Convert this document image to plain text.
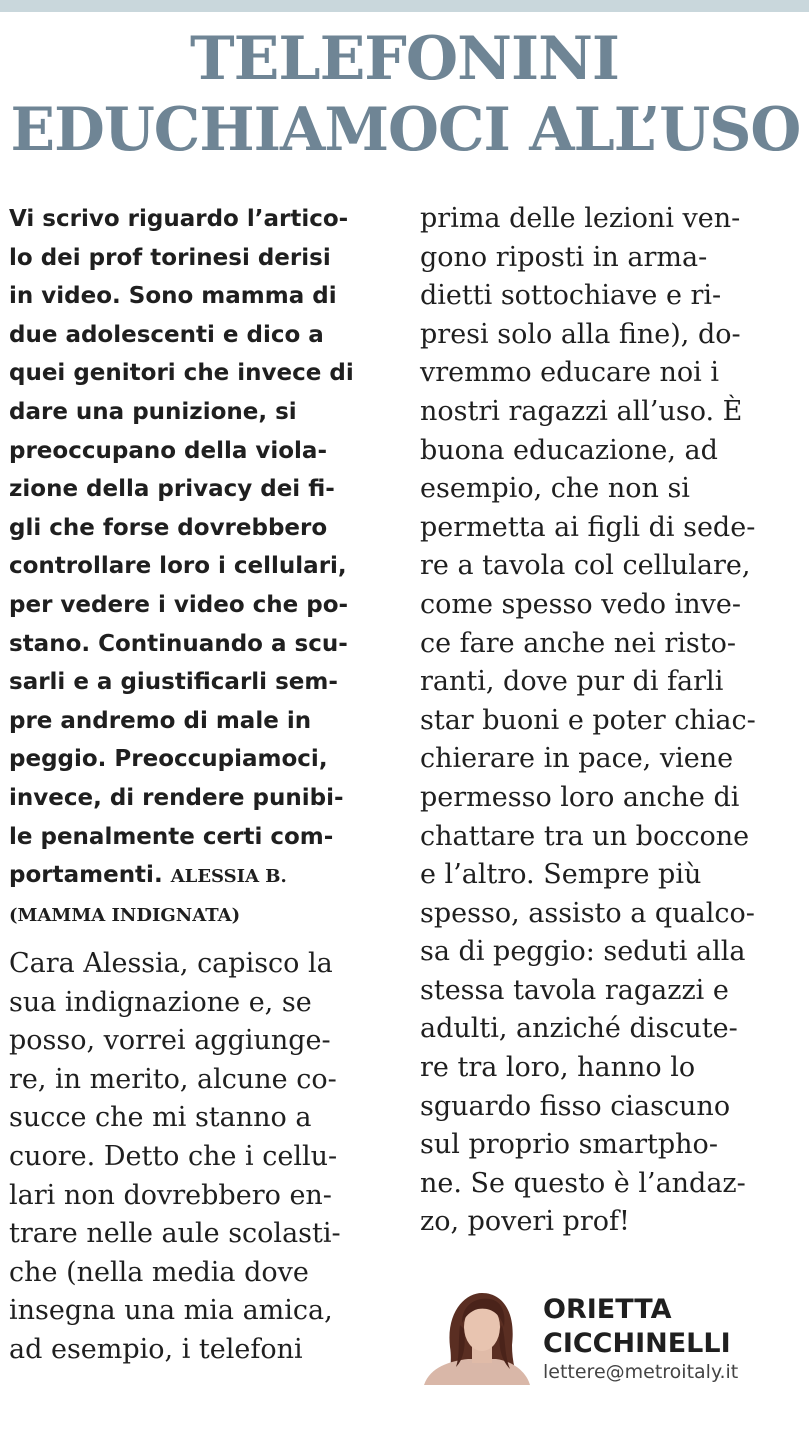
TELEFONINI
EDUCHIAMOCI ALL’USO

Vi scrivo riguardo l’artico-
lo dei prof torinesi derisi
in video. Sono mamma di
due adolescenti e dico a
quei genitori che invece di
dare una punizione, si
preoccupano della viola-
zione della privacy dei fi-
gli che forse dovrebbero
controllare loro i cellulari,
per vedere i video che po-
stano. Continuando a scu-
sarli e a giustificarli sem-
pre andremo di male in
peggio. Preoccupiamoci,
invece, di rendere punibi-
le penalmente certi com-
portamenti. ALESSIA B.
(MAMMA INDIGNATA)

Cara Alessia, capisco la
sua indignazione e, se
posso, vorrei aggiunge-
re, in merito, alcune co-
succe che mi stanno a
cuore. Detto che i cellu-
lari non dovrebbero en-
trare nelle aule scolasti-
che (nella media dove
insegna una mia amica,
ad esempio, i telefoni

prima delle lezioni ven-
gono riposti in arma-
dietti sottochiave e ri-
presi solo alla fine), do-
vremmo educare noi i
nostri ragazzi all’uso. È
buona educazione, ad
esempio, che non si
permetta ai figli di sede-
re a tavola col cellulare,
come spesso vedo inve-
ce fare anche nei risto-
ranti, dove pur di farli
star buoni e poter chiac-
chierare in pace, viene
permesso loro anche di
chattare tra un boccone
e l’altro. Sempre più
spesso, assisto a qualco-
sa di peggio: seduti alla
stessa tavola ragazzi e
adulti, anziché discute-
re tra loro, hanno lo
sguardo fisso ciascuno
sul proprio smartpho-
ne. Se questo è l’andaz-
zo, poveri prof!

ORIETTA
CICCHINELLI
lettere@metroitaly.it
